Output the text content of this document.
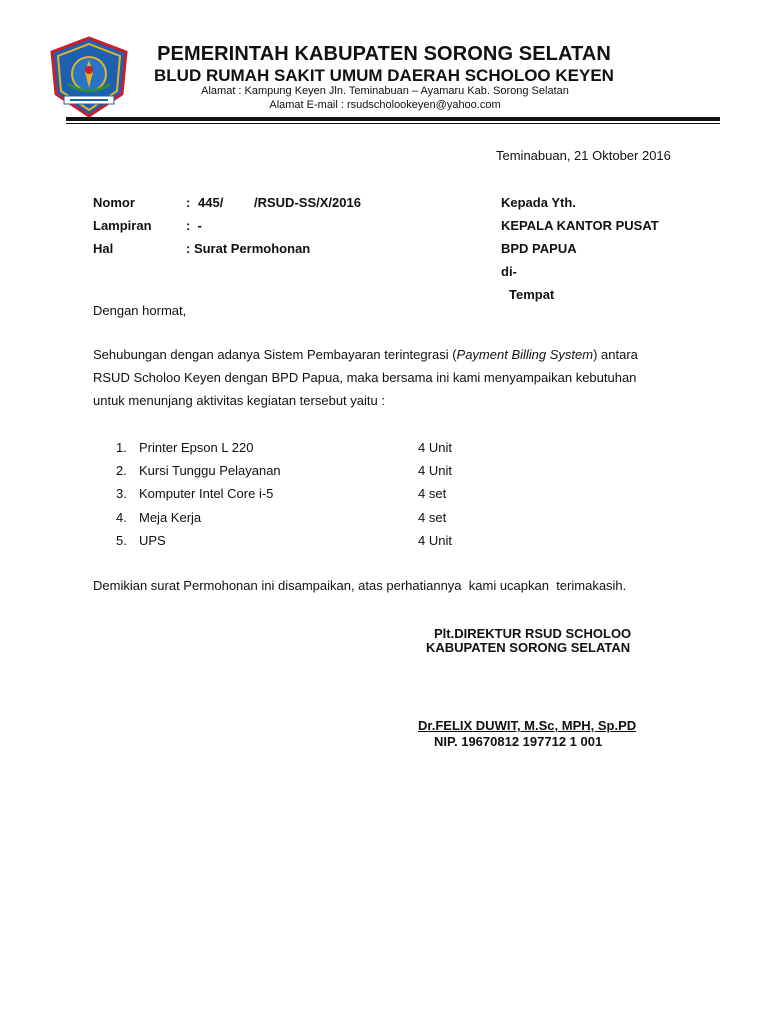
PEMERINTAH KABUPATEN SORONG SELATAN
BLUD RUMAH SAKIT UMUM DAERAH SCHOLOO KEYEN
Alamat : Kampung Keyen Jln. Teminabuan – Ayamaru Kab. Sorong Selatan
Alamat E-mail : rsudscholookeyen@yahoo.com
Teminabuan, 21 Oktober 2016
Nomor	: 445/ /RSUD-SS/X/2016
Lampiran	:  -
Hal	: Surat Permohonan
Kepada Yth.
KEPALA KANTOR PUSAT
BPD PAPUA
di-
Tempat
Dengan hormat,
Sehubungan dengan adanya Sistem Pembayaran terintegrasi (Payment Billing System) antara
RSUD Scholoo Keyen dengan BPD Papua, maka bersama ini kami menyampaikan kebutuhan
untuk menunjang aktivitas kegiatan tersebut yaitu :
1. Printer Epson L 220	4 Unit
2. Kursi Tunggu Pelayanan	4 Unit
3. Komputer Intel Core i-5	4 set
4. Meja Kerja	4 set
5. UPS	4 Unit
Demikian surat Permohonan ini disampaikan, atas perhatiannya  kami ucapkan  terimakasih.
Plt.DIREKTUR RSUD SCHOLOO
KABUPATEN SORONG SELATAN
Dr.FELIX DUWIT, M.Sc, MPH, Sp.PD
NIP. 19670812 197712 1 001
